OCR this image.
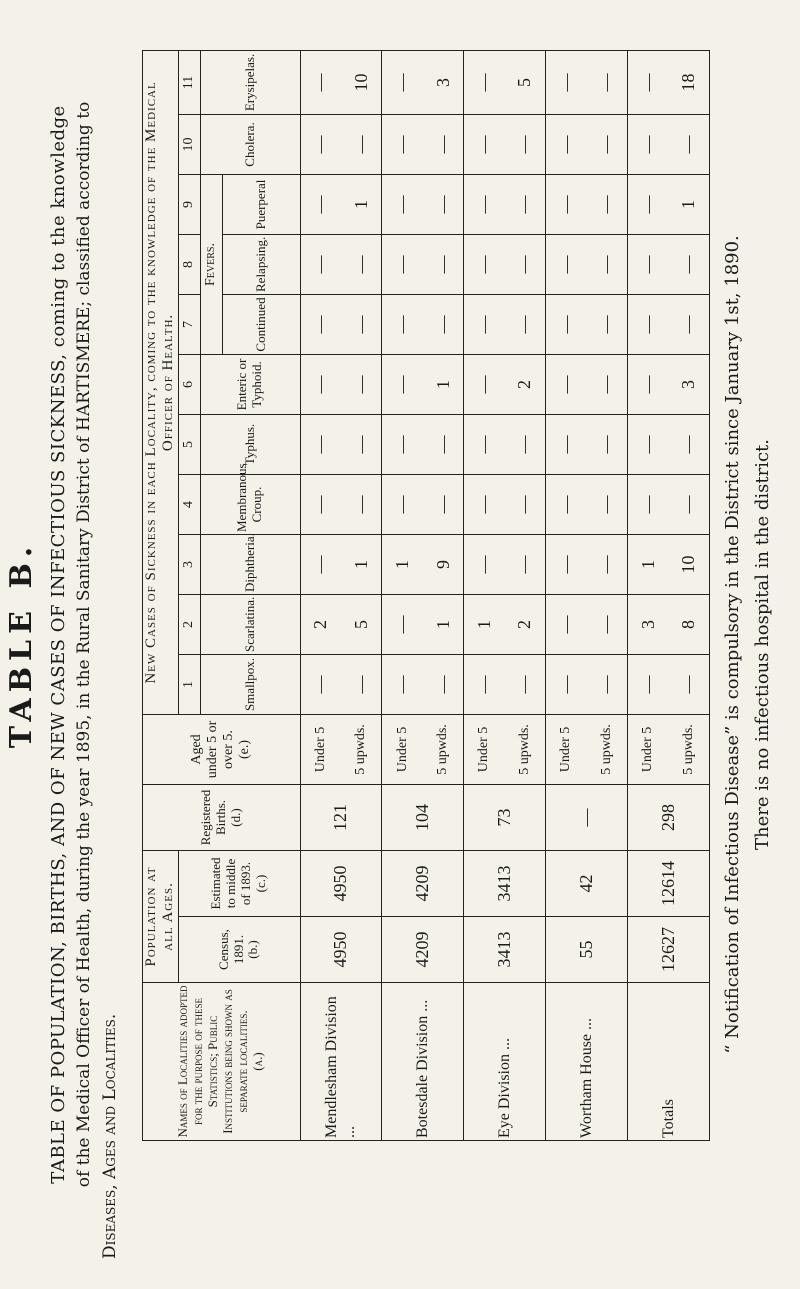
TABLE B. TABLE OF POPULATION, BIRTHS, AND OF NEW CASES OF INFECTIOUS SICKNESS, coming to the knowledge of the Medical Officer of Health, during the year 1895, in the Rural Sanitary District of HARTISMERE; classified according to Diseases, Ages and Localities.	Names of Localities adopted for the purpose of these Statistics; Public Institutions being shown as separate localities.
(a.)	Population at all Ages.		Registered Births.
(d.)	Aged under 5 or over 5.
(e.)	New Cases of Sickness in each Locality, coming to the knowledge of the Medical Officer of Health.										
	Census, 1891.
(b.)	Estimated to middle of 1893.
(c.)			1	2	3	4	5	6	7	8	9	10	11
					Smallpox.	Scarlatina.	Diphtheria.	Membranous Croup.	Typhus.	Enteric or Typhoid.	Fevers.			Cholera.	Erysipelas.
											Continued	Relapsing.	Puerperal		
Mendlesham Division ...	4950	4950	121	Under 5	—	2	—	—	—	—	—	—	—	—	—
				5 upwds.	—	5	1	—	—	—	—	—	1	—	10
Botesdale Division ...	4209	4209	104	Under 5	—	—	1	—	—	—	—	—	—	—	—
				5 upwds.	—	1	9	—	—	1	—	—	—	—	3
Eye Division ...	3413	3413	73	Under 5	—	1	—	—	—	—	—	—	—	—	—
				5 upwds.	—	2	—	—	—	2	—	—	—	—	5
Wortham House ...	55	42	—	Under 5	—	—	—	—	—	—	—	—	—	—	—
				5 upwds.	—	—	—	—	—	—	—	—	—	—	—
Totals	12627	12614	298	Under 5	—	3	1	—	—	—	—	—	—	—	—
				5 upwds.	—	8	10	—	—	3	—	—	1	—	18
“ Notification of Infectious Disease” is compulsory in the District since January 1st, 1890. There is no infectious hospital in the district.
